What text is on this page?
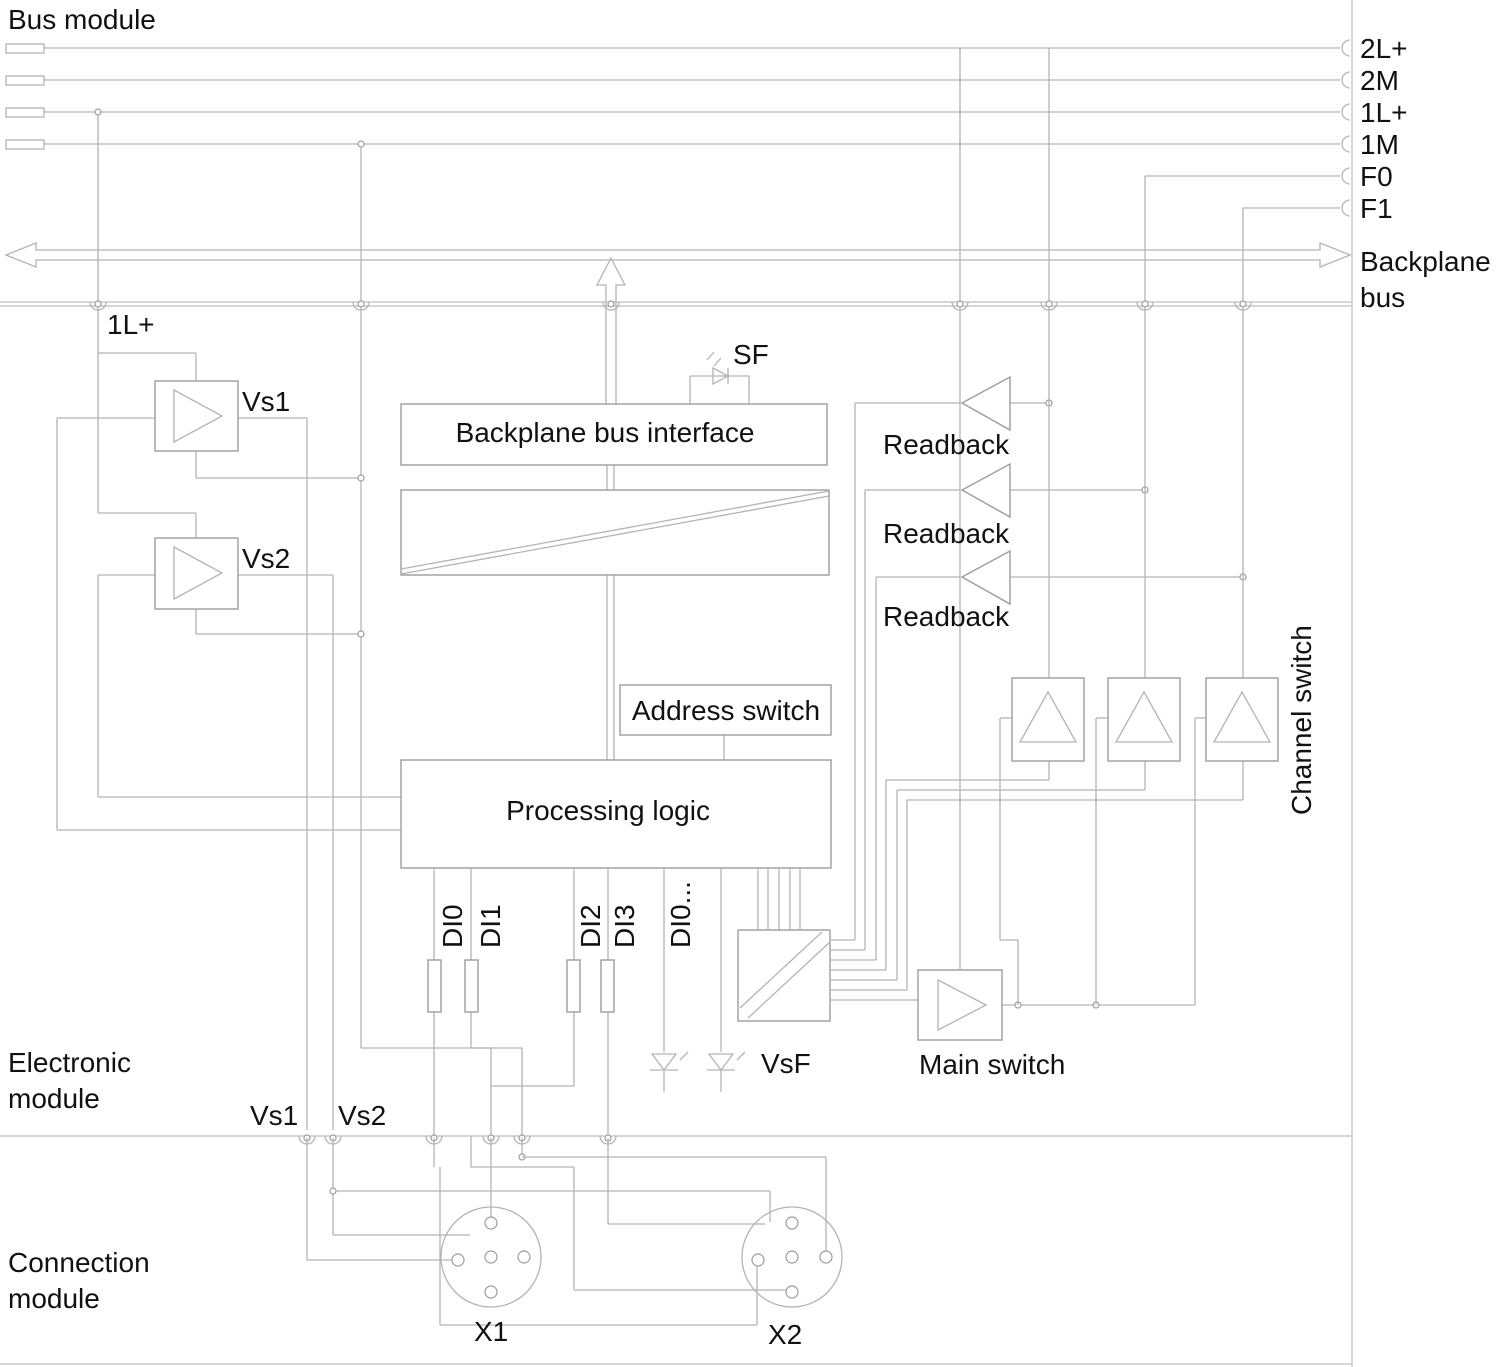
Bus module
Electronic
module
Connection
module
2L+
2M
1L+
1M
F0
F1
Backplane
bus
1L+
Vs1
Vs2
SF
Backplane bus interface
Address switch
Processing logic
Readback
Readback
Readback
Channel switch
DI0 DI1 DI2 DI3 DI0...
VsF	Main switch
Vs1 Vs2
X1	X2
